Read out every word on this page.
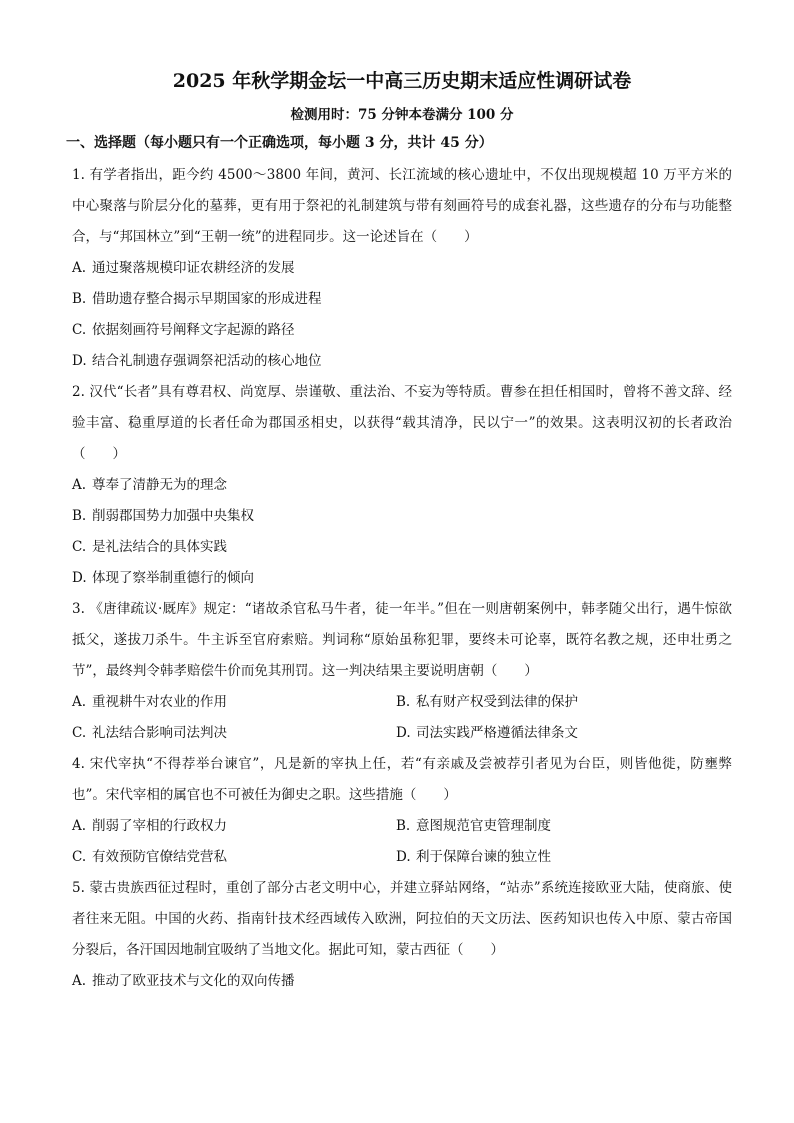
2025 年秋学期金坛一中高三历史期末适应性调研试卷
检测用时：75 分钟本卷满分 100 分
一、选择题（每小题只有一个正确选项，每小题 3 分，共计 45 分）

1. 有学者指出，距今约 4500～3800 年间，黄河、长江流域的核心遗址中，不仅出现规模超 10 万平方米的中心聚落与阶层分化的墓葬，更有用于祭祀的礼制建筑与带有刻画符号的成套礼器，这些遗存的分布与功能整合，与“邦国林立”到“王朝一统”的进程同步。这一论述旨在（　　）

A. 通过聚落规模印证农耕经济的发展

B. 借助遗存整合揭示早期国家的形成进程

C. 依据刻画符号阐释文字起源的路径

D. 结合礼制遗存强调祭祀活动的核心地位

2. 汉代“长者”具有尊君权、尚宽厚、崇谨敬、重法治、不妄为等特质。曹参在担任相国时，曾将不善文辞、经验丰富、稳重厚道的长者任命为郡国丞相史，以获得“载其清净，民以宁一”的效果。这表明汉初的长者政治（　　）

A. 尊奉了清静无为的理念

B. 削弱郡国势力加强中央集权

C. 是礼法结合的具体实践

D. 体现了察举制重德行的倾向

3. 《唐律疏议·厩库》规定：“诸故杀官私马牛者，徒一年半。”但在一则唐朝案例中，韩孝随父出行，遇牛惊欲抵父，遂拔刀杀牛。牛主诉至官府索赔。判词称“原始虽称犯罪，要终未可论辜，既符名教之规，还申壮勇之节”，最终判令韩孝赔偿牛价而免其刑罚。这一判决结果主要说明唐朝（　　）

A. 重视耕牛对农业的作用	B. 私有财产权受到法律的保护

C. 礼法结合影响司法判决	D. 司法实践严格遵循法律条文

4. 宋代宰执“不得荐举台谏官”，凡是新的宰执上任，若“有亲戚及尝被荐引者见为台臣，则皆他徙，防壅弊也”。宋代宰相的属官也不可被任为御史之职。这些措施（　　）

A. 削弱了宰相的行政权力	B. 意图规范官吏管理制度

C. 有效预防官僚结党营私	D. 利于保障台谏的独立性

5. 蒙古贵族西征过程时，重创了部分古老文明中心，并建立驿站网络，“站赤”系统连接欧亚大陆，使商旅、使者往来无阻。中国的火药、指南针技术经西域传入欧洲，阿拉伯的天文历法、医药知识也传入中原、蒙古帝国分裂后，各汗国因地制宜吸纳了当地文化。据此可知，蒙古西征（　　）

A. 推动了欧亚技术与文化的双向传播
